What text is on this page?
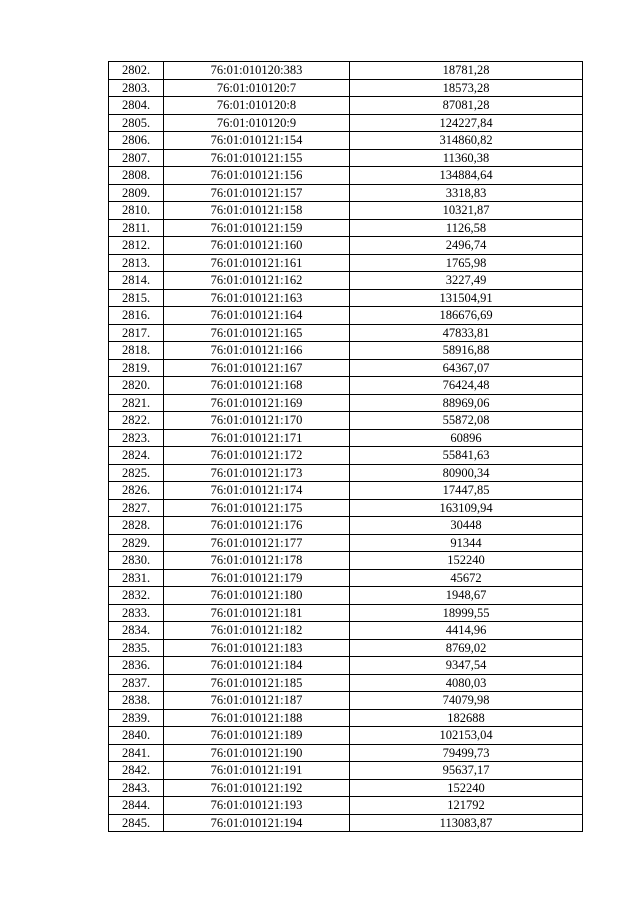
2802.	76:01:010120:383	18781,28
2803.	76:01:010120:7	18573,28
2804.	76:01:010120:8	87081,28
2805.	76:01:010120:9	124227,84
2806.	76:01:010121:154	314860,82
2807.	76:01:010121:155	11360,38
2808.	76:01:010121:156	134884,64
2809.	76:01:010121:157	3318,83
2810.	76:01:010121:158	10321,87
2811.	76:01:010121:159	1126,58
2812.	76:01:010121:160	2496,74
2813.	76:01:010121:161	1765,98
2814.	76:01:010121:162	3227,49
2815.	76:01:010121:163	131504,91
2816.	76:01:010121:164	186676,69
2817.	76:01:010121:165	47833,81
2818.	76:01:010121:166	58916,88
2819.	76:01:010121:167	64367,07
2820.	76:01:010121:168	76424,48
2821.	76:01:010121:169	88969,06
2822.	76:01:010121:170	55872,08
2823.	76:01:010121:171	60896
2824.	76:01:010121:172	55841,63
2825.	76:01:010121:173	80900,34
2826.	76:01:010121:174	17447,85
2827.	76:01:010121:175	163109,94
2828.	76:01:010121:176	30448
2829.	76:01:010121:177	91344
2830.	76:01:010121:178	152240
2831.	76:01:010121:179	45672
2832.	76:01:010121:180	1948,67
2833.	76:01:010121:181	18999,55
2834.	76:01:010121:182	4414,96
2835.	76:01:010121:183	8769,02
2836.	76:01:010121:184	9347,54
2837.	76:01:010121:185	4080,03
2838.	76:01:010121:187	74079,98
2839.	76:01:010121:188	182688
2840.	76:01:010121:189	102153,04
2841.	76:01:010121:190	79499,73
2842.	76:01:010121:191	95637,17
2843.	76:01:010121:192	152240
2844.	76:01:010121:193	121792
2845.	76:01:010121:194	113083,87
